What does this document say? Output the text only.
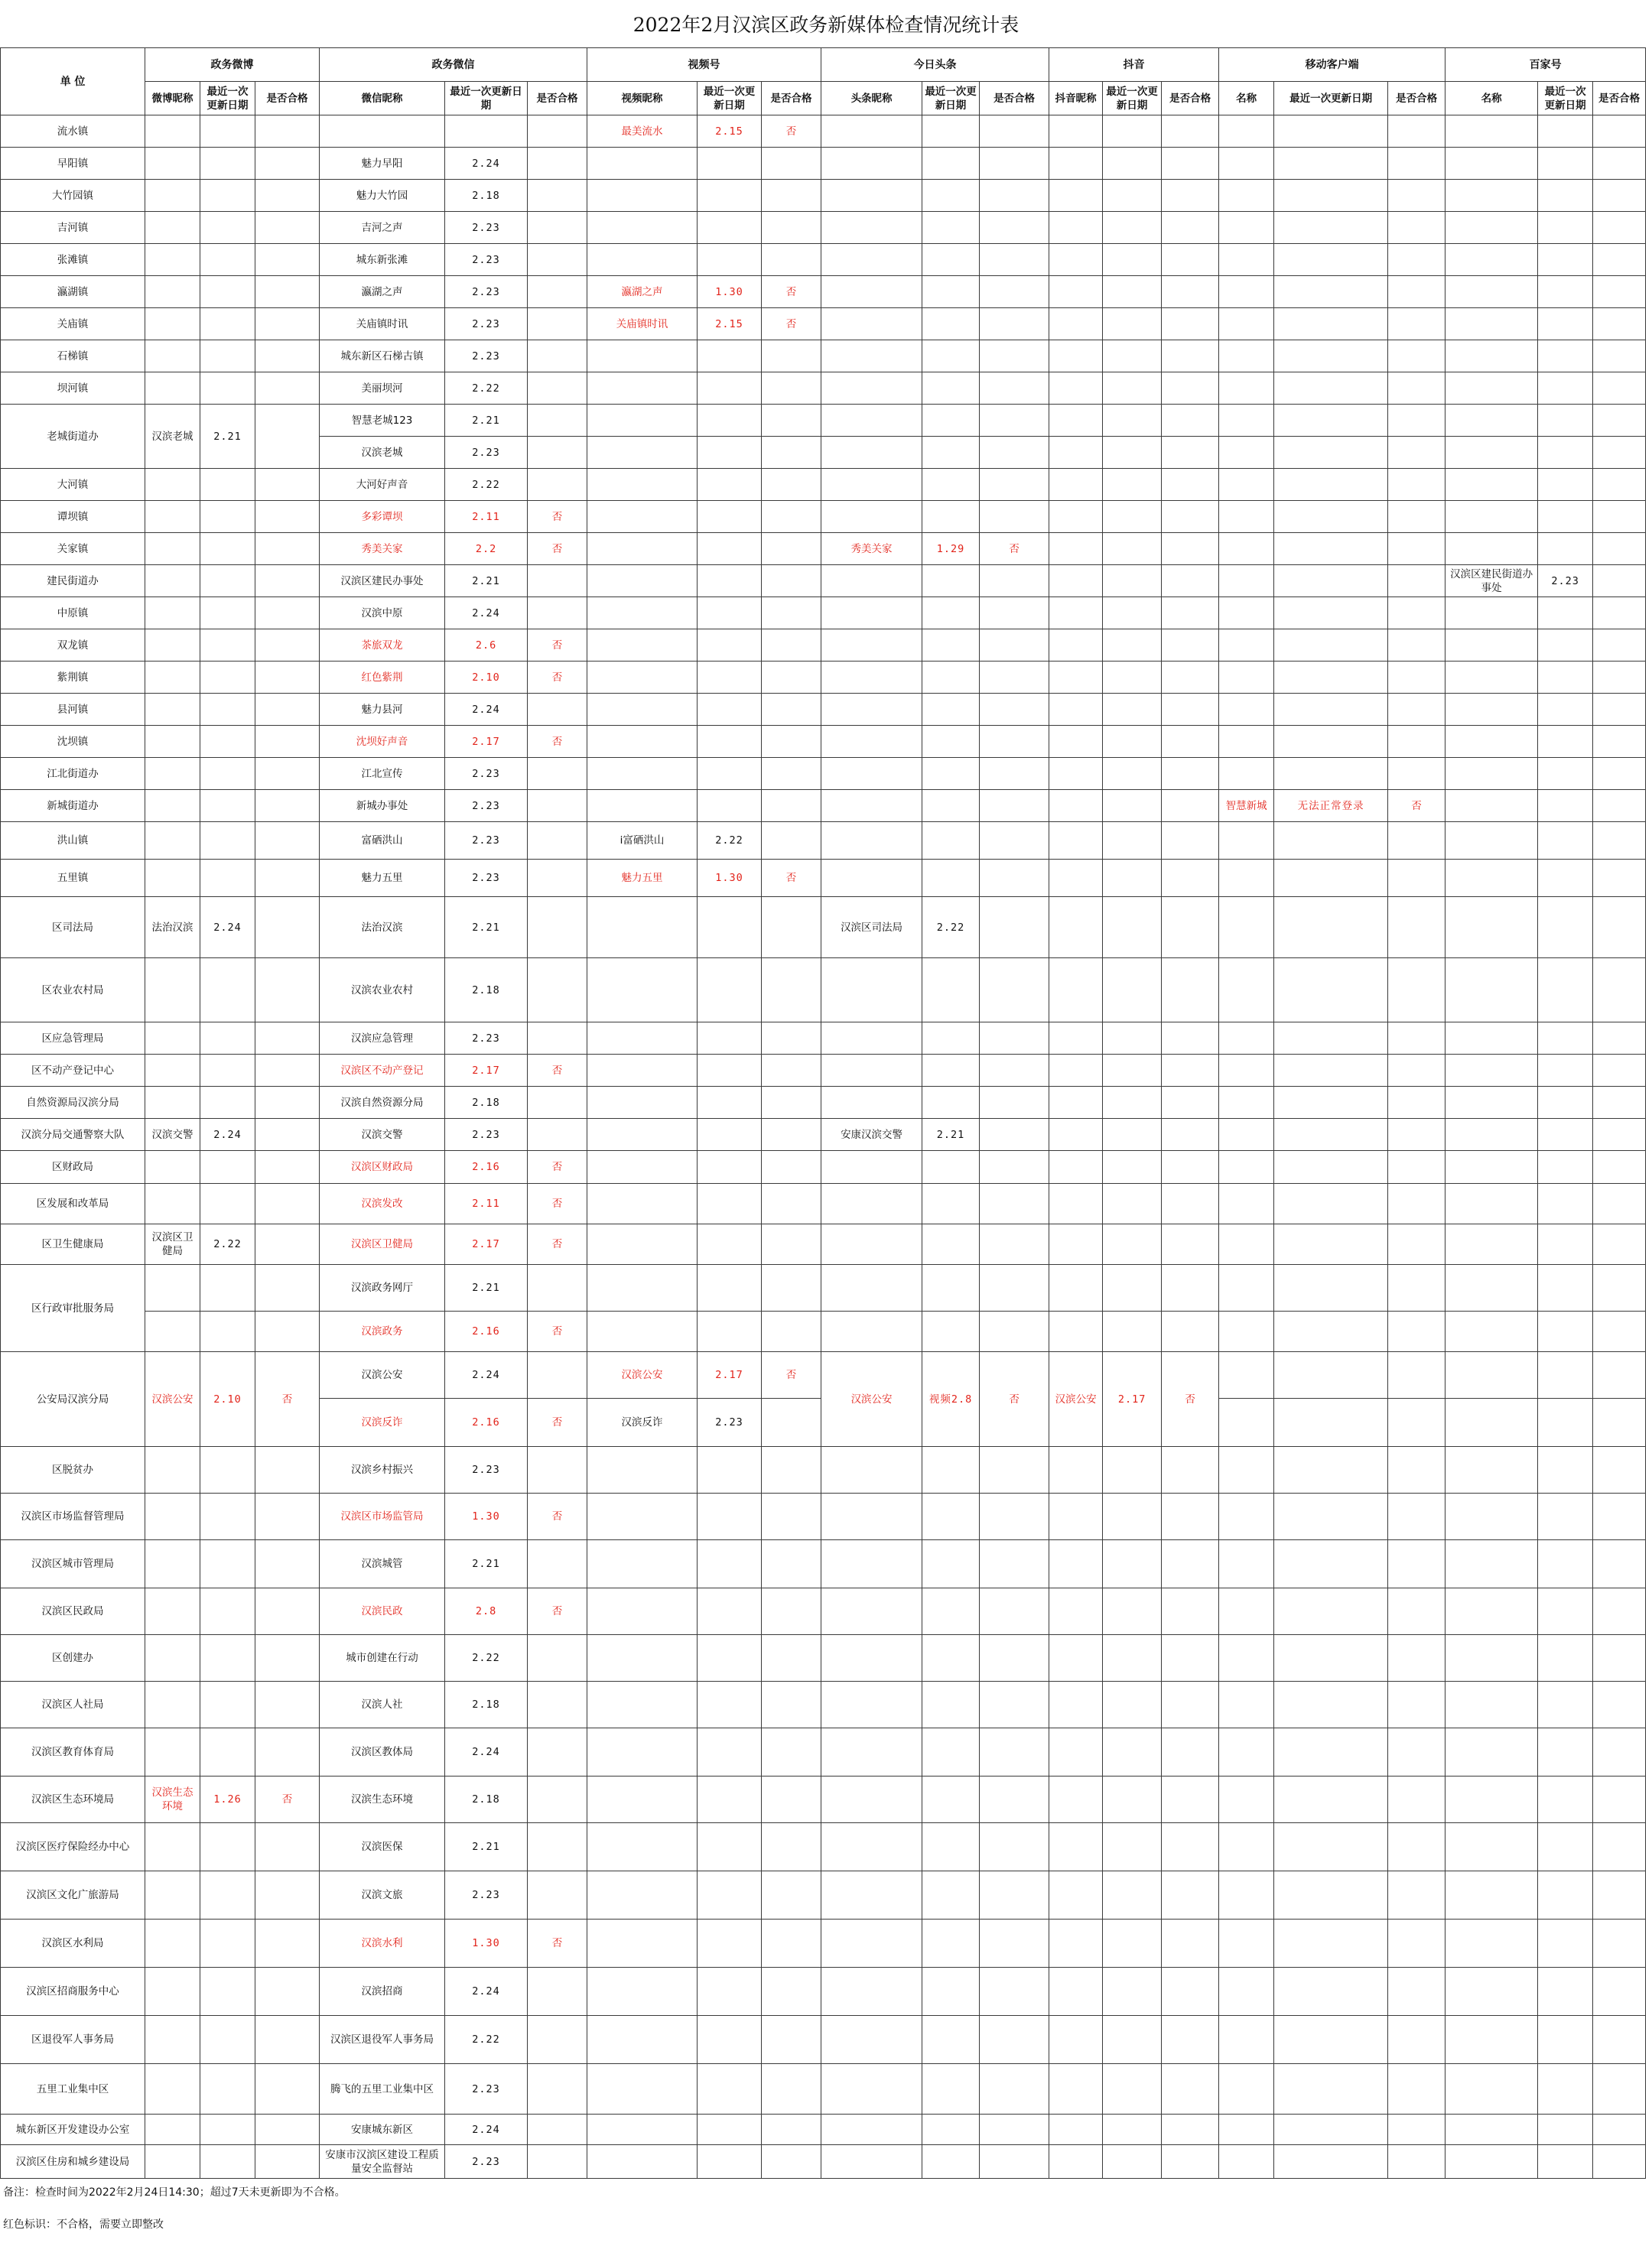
2022年2月汉滨区政务新媒体检查情况统计表
单 位	政务微博			政务微信			视频号			今日头条			抖音			移动客户端			百家号		
	微博昵称	最近一次更新日期	是否合格	微信昵称	最近一次更新日期	是否合格	视频昵称	最近一次更新日期	是否合格	头条昵称	最近一次更新日期	是否合格	抖音昵称	最近一次更新日期	是否合格	名称	最近一次更新日期	是否合格	名称	最近一次更新日期	是否合格
流水镇							最美流水	2.15	否												
早阳镇				魅力早阳	2.24																
大竹园镇				魅力大竹园	2.18																
吉河镇				吉河之声	2.23																
张滩镇				城东新张滩	2.23																
瀛湖镇				瀛湖之声	2.23		瀛湖之声	1.30	否												
关庙镇				关庙镇时讯	2.23		关庙镇时讯	2.15	否												
石梯镇				城东新区石梯古镇	2.23																
坝河镇				美丽坝河	2.22																
老城街道办	汉滨老城	2.21		智慧老城123	2.21																
				汉滨老城	2.23																
大河镇				大河好声音	2.22																
谭坝镇				多彩谭坝	2.11	否															
关家镇				秀美关家	2.2	否				秀美关家	1.29	否									
建民街道办				汉滨区建民办事处	2.21														汉滨区建民街道办事处	2.23	
中原镇				汉滨中原	2.24																
双龙镇				茶旅双龙	2.6	否															
紫荆镇				红色紫荆	2.10	否															
县河镇				魅力县河	2.24																
沈坝镇				沈坝好声音	2.17	否															
江北街道办				江北宣传	2.23																
新城街道办				新城办事处	2.23											智慧新城	无法正常登录	否			
洪山镇				富硒洪山	2.23		i富硒洪山	2.22													
五里镇				魅力五里	2.23		魅力五里	1.30	否												
区司法局	法治汉滨	2.24		法治汉滨	2.21					汉滨区司法局	2.22										
区农业农村局				汉滨农业农村	2.18																
区应急管理局				汉滨应急管理	2.23																
区不动产登记中心				汉滨区不动产登记	2.17	否															
自然资源局汉滨分局				汉滨自然资源分局	2.18																
汉滨分局交通警察大队	汉滨交警	2.24		汉滨交警	2.23					安康汉滨交警	2.21										
区财政局				汉滨区财政局	2.16	否															
区发展和改革局				汉滨发改	2.11	否															
区卫生健康局	汉滨区卫健局	2.22		汉滨区卫健局	2.17	否															
区行政审批服务局				汉滨政务网厅	2.21																
				汉滨政务	2.16	否															
公安局汉滨分局	汉滨公安	2.10	否	汉滨公安	2.24		汉滨公安	2.17	否	汉滨公安	视频2.8	否	汉滨公安	2.17	否						
				汉滨反诈	2.16	否	汉滨反诈	2.23													
区脱贫办				汉滨乡村振兴	2.23																
汉滨区市场监督管理局				汉滨区市场监管局	1.30	否															
汉滨区城市管理局				汉滨城管	2.21																
汉滨区民政局				汉滨民政	2.8	否															
区创建办				城市创建在行动	2.22																
汉滨区人社局				汉滨人社	2.18																
汉滨区教育体育局				汉滨区教体局	2.24																
汉滨区生态环境局	汉滨生态环境	1.26	否	汉滨生态环境	2.18																
汉滨区医疗保险经办中心				汉滨医保	2.21																
汉滨区文化广旅游局				汉滨文旅	2.23																
汉滨区水利局				汉滨水利	1.30	否															
汉滨区招商服务中心				汉滨招商	2.24																
区退役军人事务局				汉滨区退役军人事务局	2.22																
五里工业集中区				腾飞的五里工业集中区	2.23																
城东新区开发建设办公室				安康城东新区	2.24																
汉滨区住房和城乡建设局				安康市汉滨区建设工程质量安全监督站	2.23																
备注：检查时间为2022年2月24日14:30；超过7天未更新即为不合格。
红色标识：不合格，需要立即整改
